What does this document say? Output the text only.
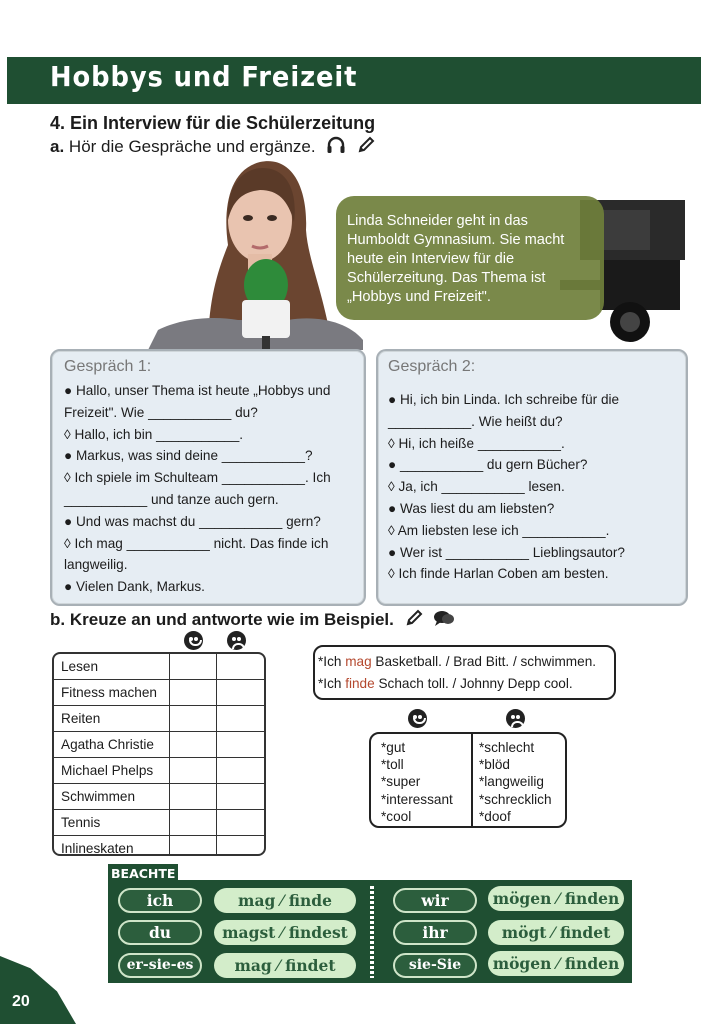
Hobbys und Freizeit
4. Ein Interview für die Schülerzeitung
a. Hör die Gespräche und ergänze.
Linda Schneider geht in das
Humboldt Gymnasium. Sie macht
heute ein Interview für die
Schülerzeitung. Das Thema ist
„Hobbys und Freizeit".
Gespräch 1:
● Hallo, unser Thema ist heute „Hobbys und
Freizeit". Wie ___________ du?
◊ Hallo, ich bin ___________.
● Markus, was sind deine ___________?
◊ Ich spiele im Schulteam ___________. Ich
___________ und tanze auch gern.
● Und was machst du ___________ gern?
◊ Ich mag ___________ nicht. Das finde ich
langweilig.
● Vielen Dank, Markus.
Gespräch 2:
● Hi, ich bin Linda. Ich schreibe für die
___________. Wie heißt du?
◊ Hi, ich heiße ___________.
● ___________ du gern Bücher?
◊ Ja, ich ___________ lesen.
● Was liest du am liebsten?
◊ Am liebsten lese ich ___________.
● Wer ist ___________ Lieblingsautor?
◊ Ich finde Harlan Coben am besten.
b. Kreuze an und antworte wie im Beispiel.
Lesen		
Fitness machen		
Reiten		
Agatha Christie		
Michael Phelps		
Schwimmen		
Tennis		
Inlineskaten		
*Ich mag Basketball. / Brad Bitt. / schwimmen.
*Ich finde Schach toll. / Johnny Depp cool.
*gut
*toll
*super
*interessant
*cool
*schlecht
*blöd
*langweilig
*schrecklich
*doof
ich	mag ⁄ finde	wir	mögen ⁄ finden
du	magst ⁄ findest	ihr	mögt ⁄ findet
er-sie-es	mag ⁄ findet	sie-Sie	mögen ⁄ finden
BEACHTE
20
